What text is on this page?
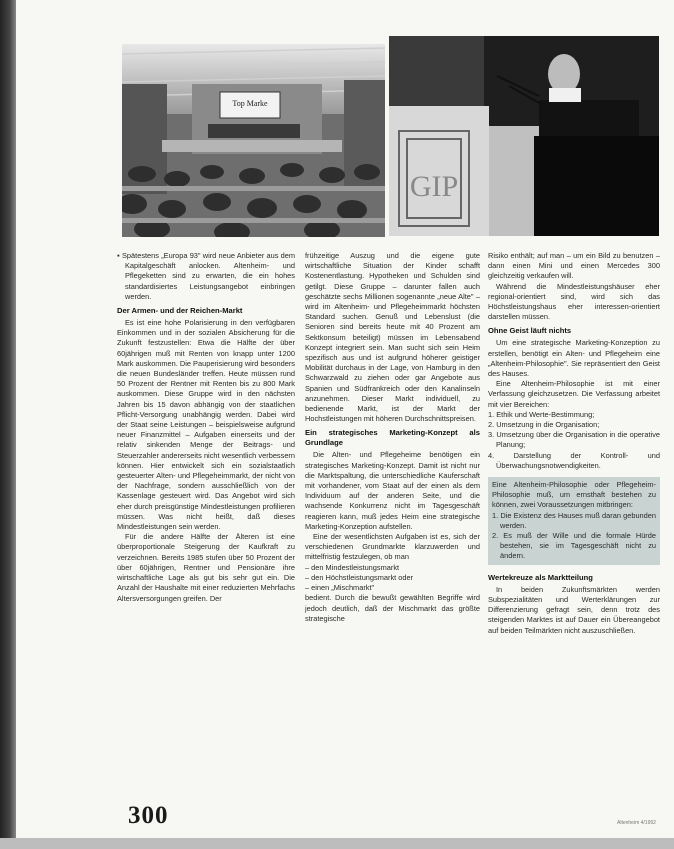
Top Marke
GIP
▪ Spätestens „Europa 93" wird neue Anbieter aus dem Kapitalgeschäft anlocken. Altenheim- und Pflegeketten sind zu erwarten, die ein hohes standardisiertes Leistungsangebot einbringen werden.
Der Armen- und der Reichen-Markt

Es ist eine hohe Polarisierung in den verfügbaren Einkommen und in der sozialen Absicherung für die Zukunft festzustellen: Etwa die Hälfte der über 60jährigen muß mit Renten von knapp unter 1200 Mark auskommen. Die Pauperisierung wird besonders die neuen Bundesländer treffen. Heute müssen rund 50 Prozent der Rentner mit Renten bis zu 800 Mark auskommen. Diese Gruppe wird in den nächsten Jahren bis 15 davon abhängig von der staatlichen Pflicht-Versorgung unabhängig werden. Dabei wird der Staat seine Leistungen – beispielsweise aufgrund neuer Finanzmittel – Aufgaben einerseits und der relativ sinkenden Menge der Beitrags- und Steuerzahler andererseits nicht wesentlich verbessern können. Hier entwickelt sich ein sozialstaatlich gesteuerter Alten- und Pflegeheimmarkt, der nicht von der Nachfrage, sondern ausschließlich von der Kassenlage gesteuert wird. Das Angebot wird sich eher durch preisgünstige Mindestleistungen profilieren müssen. Was nicht heißt, daß dieses Mindestleistungen sein werden.

Für die andere Hälfte der Älteren ist eine überproportionale Steigerung der Kaufkraft zu verzeichnen. Bereits 1985 stufen über 50 Prozent der über 60jährigen, Rentner und Pensionäre ihre wirtschaftliche Lage als gut bis sehr gut ein. Die Anzahl der Haushalte mit einer reduzierten Mehrfachs Altersversorgungen greifen. Der

frühzeitige Auszug und die eigene gute wirtschaftliche Situation der Kinder schafft Kostenentlastung. Hypotheken und Schulden sind getilgt. Diese Gruppe – darunter fallen auch geschätzte sechs Millionen sogenannte „neue Alte" – wird im Altenheim- und Pflegeheimmarkt höchsten Standard suchen. Genuß und Lebenslust (die Senioren sind bereits heute mit 40 Prozent am Sektkonsum beteiligt) müssen im Lebensabend Konzept integriert sein. Man sucht sich sein Heim spezifisch aus und ist aufgrund höherer geistiger Mobilität durchaus in der Lage, von Hamburg in den Schwarzwald zu ziehen oder gar Angebote aus Spanien und Südfrankreich oder den Kanalinseln anzunehmen. Dieser Markt individuell, zu bedienende Markt, ist der Markt der Hochstleistungen mit höheren Durchschnittspreisen.

Ein strategisches Marketing-Konzept als Grundlage

Die Alten- und Pflegeheime benötigen ein strategisches Marketing-Konzept. Damit ist nicht nur die Marktspaltung, die unterschiedliche Kauferschaft mit vorhandener, vom Staat auf der einen als dem Individuum auf der anderen Seite, und die wachsende Konkurrenz nicht im Tagesgeschäft reagieren kann, muß jedes Heim eine strategische Marketing-Konzeption aufstellen.

Eine der wesentlichsten Aufgaben ist es, sich der verschiedenen Grundmarkte klarzuwerden und mittelfristig festzulegen, ob man

– den Mindestleistungsmarkt
– den Höchstleistungsmarkt oder
– einen „Mischmarkt"

bedient. Durch die bewußt gewählten Begriffe wird jedoch deutlich, daß der Mischmarkt das größte strategische

Risiko enthält; auf man – um ein Bild zu benutzen – dann einen Mini und einen Mercedes 300 gleichzeitig verkaufen will.

Während die Mindestleistungshäuser eher regional-orientiert sind, wird sich das Höchstleistungshaus eher interessen-orientiert darstellen müssen.

Ohne Geist läuft nichts

Um eine strategische Marketing-Konzeption zu erstellen, benötigt ein Alten- und Pflegeheim eine „Altenheim-Philosophie". Sie repräsentiert den Geist des Hauses.

Eine Altenheim-Philosophie ist mit einer Verfassung gleichzusetzen. Die Verfassung arbeitet mit vier Bereichen:

1. Ethik und Werte-Bestimmung;
2. Umsetzung in die Organisation;
3. Umsetzung über die Organisation in die operative Planung;
4. Darstellung der Kontroll- und Überwachungsnotwendigkeiten.

Eine Altenheim-Philosophie oder Pflegeheim-Philosophie muß, um ernsthaft bestehen zu können, zwei Voraussetzungen mitbringen:

1. Die Existenz des Hauses muß daran gebunden werden.
2. Es muß der Wille und die formale Hürde bestehen, sie im Tagesgeschäft nicht zu ändern.
Wertekreuze als Marktteilung

In beiden Zukunftsmärkten werden Subspezialitäten und Werterklärungen zur Differenzierung gefragt sein, denn trotz des steigenden Marktes ist auf Dauer ein Übereangebot auf beiden Teilmärkten nicht auszuschließen.

300	Altenheim 4/1992
